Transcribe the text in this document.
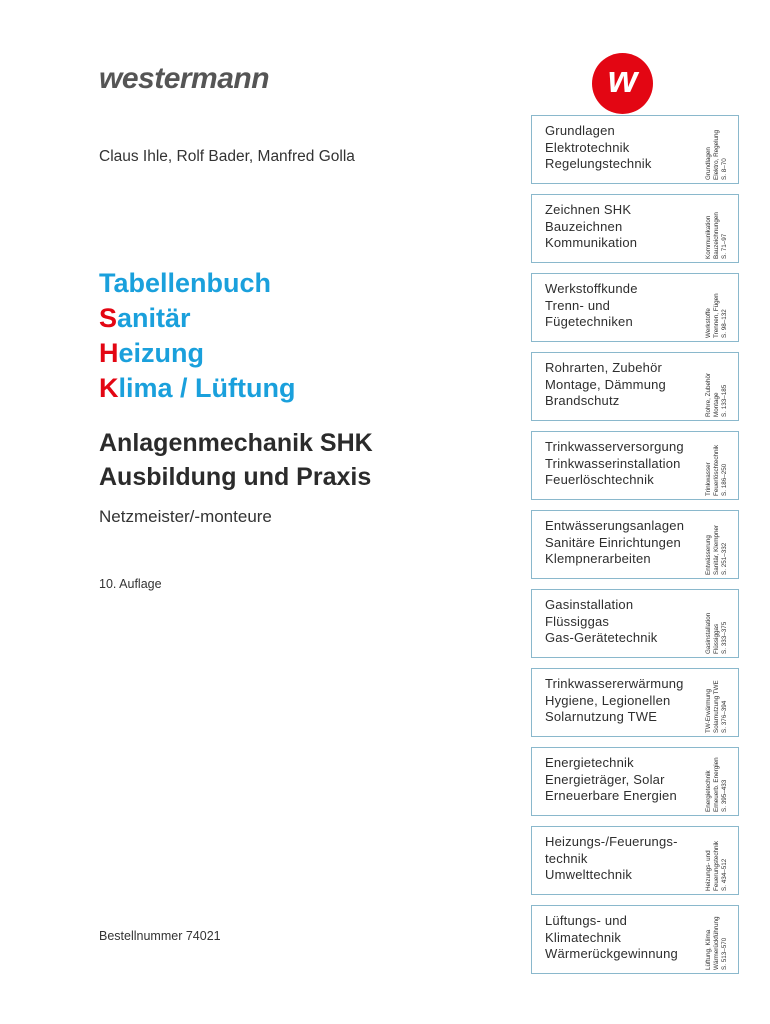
westermann	w
Claus Ihle, Rolf Bader, Manfred Golla
Tabellenbuch
Sanitär
Heizung
Klima / Lüftung
Anlagenmechanik SHK
Ausbildung und Praxis
Netzmeister/-monteure
10. Auflage
Bestellnummer 74021
Grundlagen
Elektrotechnik
Regelungstechnik	Grundlagen Elektro, Regelung S. 8–70
Zeichnen SHK
Bauzeichnen
Kommunikation	Kommunikation Bauzeichnungen S. 71–97
Werkstoffkunde
Trenn- und
Fügetechniken	Werkstoffe Trennen, Fügen S. 98–132
Rohrarten, Zubehör
Montage, Dämmung
Brandschutz	Rohre, Zubehör Montage S. 133–185
Trinkwasserversorgung
Trinkwasserinstallation
Feuerlöschtechnik	Trinkwasser Feuerlöschtechnik S. 186–250
Entwässerungsanlagen
Sanitäre Einrichtungen
Klempnerarbeiten	Entwässerung Sanitär, Klempner S. 251–332
Gasinstallation
Flüssiggas
Gas-Gerätetechnik	Gasinstallation Flüssiggas S. 333–375
Trinkwassererwärmung
Hygiene, Legionellen
Solarnutzung TWE	TW-Erwärmung Solarnutzung TWE S. 376–394
Energietechnik
Energieträger, Solar
Erneuerbare Energien	Energietechnik Erneuerb. Energien S. 395–433
Heizungs-/Feuerungs-
technik
Umwelttechnik	Heizungs- und Feuerungstechnik S. 434–512
Lüftungs- und
Klimatechnik
Wärmerückgewinnung	Lüftung, Klima Wärmerückführung S. 513–570
